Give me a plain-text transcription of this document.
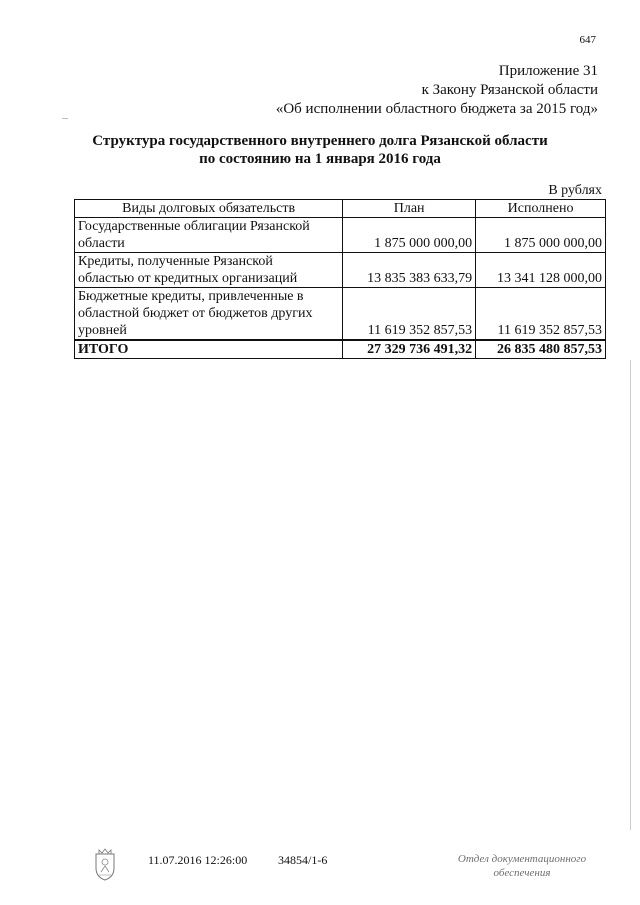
647
Приложение 31
к Закону Рязанской области
«Об исполнении областного бюджета за 2015 год»
Структура государственного внутреннего долга Рязанской области
по состоянию на 1 января 2016 года
В рублях
Виды долговых обязательств	План	Исполнено

Государственные облигации Рязанской
области	1 875 000 000,00	1 875 000 000,00

Кредиты, полученные Рязанской
областью от кредитных организаций	13 835 383 633,79	13 341 128 000,00

Бюджетные кредиты, привлеченные в
областной бюджет от бюджетов других
уровней	11 619 352 857,53	11 619 352 857,53
ИТОГО	27 329 736 491,32	26 835 480 857,53
11.07.2016 12:26:00	34854/1-6	Отдел документационного
обеспечения
